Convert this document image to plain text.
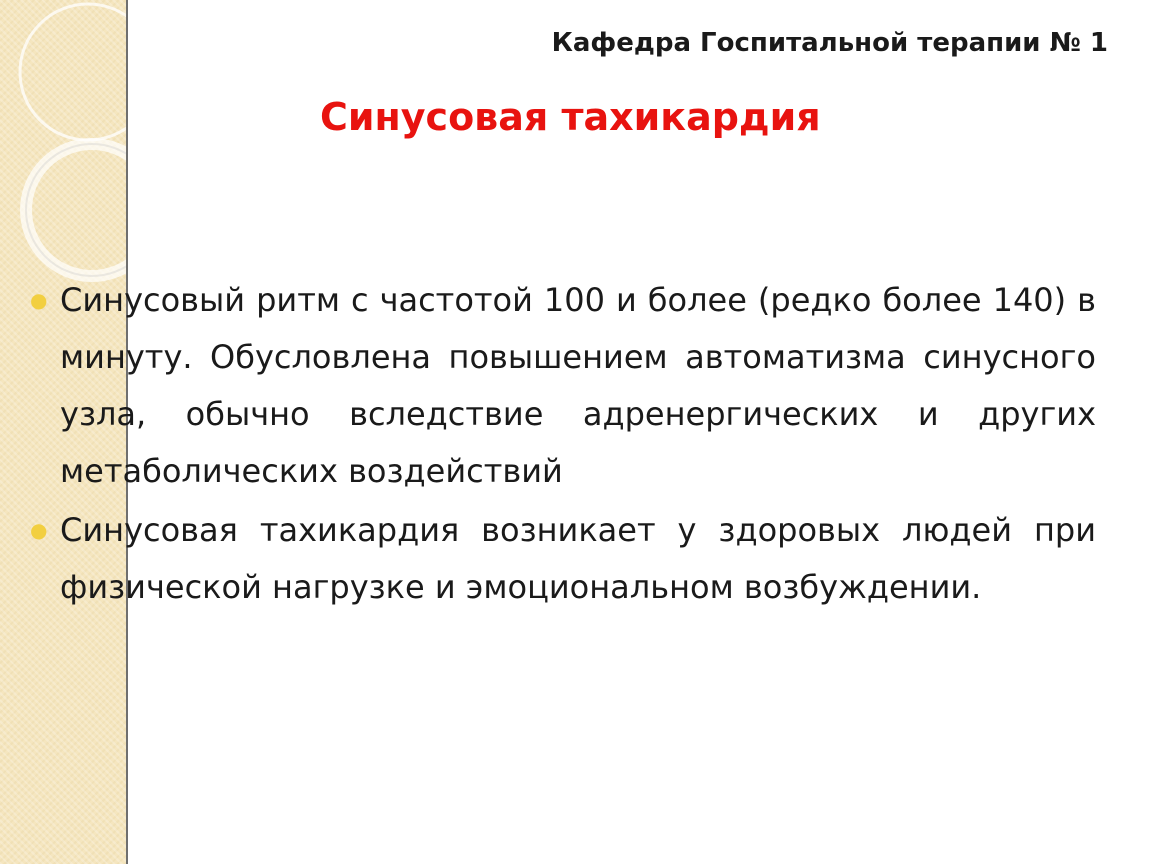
Кафедра Госпитальной терапии № 1
Синусовая тахикардия
● Синусовый ритм с частотой 100 и более (редко более 140) в минуту. Обусловлена повышением автоматизма синусного узла, обычно вследствие адренергических и других метаболических воздействий
● Синусовая тахикардия возникает у здоровых людей при физической нагрузке и эмоциональном возбуждении.
